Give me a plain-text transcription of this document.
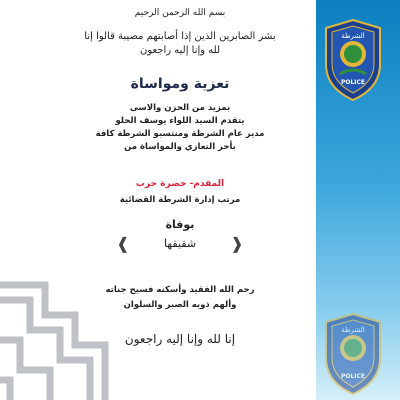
بسم الله الرحمن الرحيم
بشر الصابرين الذين إذا أصابتهم مصيبة قالوا إنا لله وإنا إليه راجعون
تعزية ومواساة
بمزيد من الحزن والاسى
يتقدم السيد اللواء يوسف الحلو
مدير عام الشرطة ومنتسبو الشرطة كافة
بأحر التعازي والمواساة من
المقدم- خضرة حرب
مرتب إدارة الشرطة القضائية
بوفاة
❰
شقيقها
❱
رحم الله الفقيد وأسكنه فسيح جناته
وألهم ذويه الصبر والسلوان
إنا لله وإنا إليه راجعون
الشرطة
POLICE
الشرطة
POLICE
